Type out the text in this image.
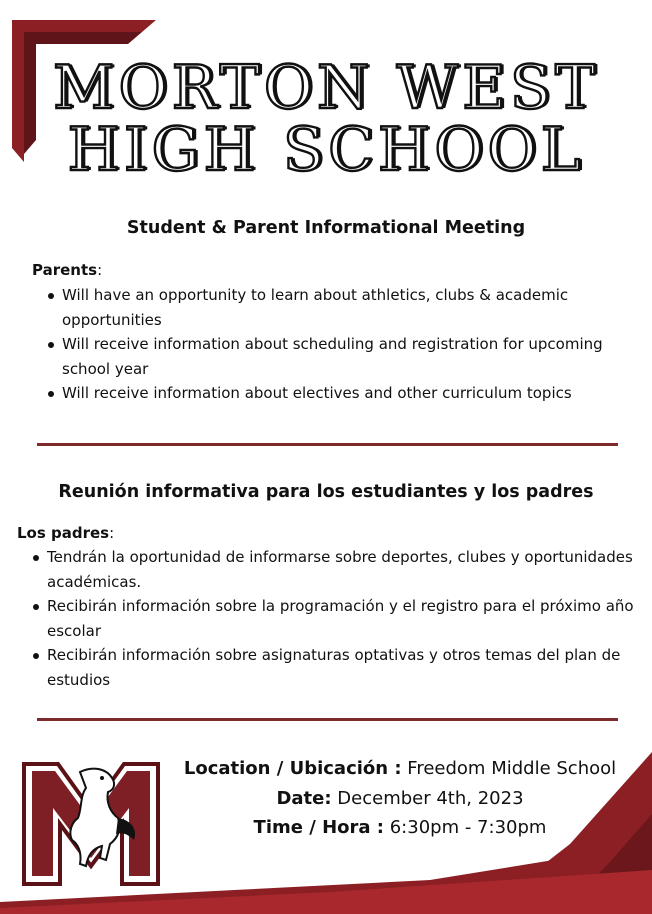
MORTON WEST
HIGH SCHOOL
Student & Parent Informational Meeting
Parents:
Will have an opportunity to learn about athletics, clubs & academic opportunities
Will receive information about scheduling and registration for upcoming school year
Will receive information about electives and other curriculum topics
Reunión informativa para los estudiantes y los padres
Los padres:
Tendrán la oportunidad de informarse sobre deportes, clubes y oportunidades académicas.
Recibirán información sobre la programación y el registro para el próximo año escolar
Recibirán información sobre asignaturas optativas y otros temas del plan de estudios
Location / Ubicación : Freedom Middle School
Date: December 4th, 2023
Time / Hora : 6:30pm - 7:30pm
